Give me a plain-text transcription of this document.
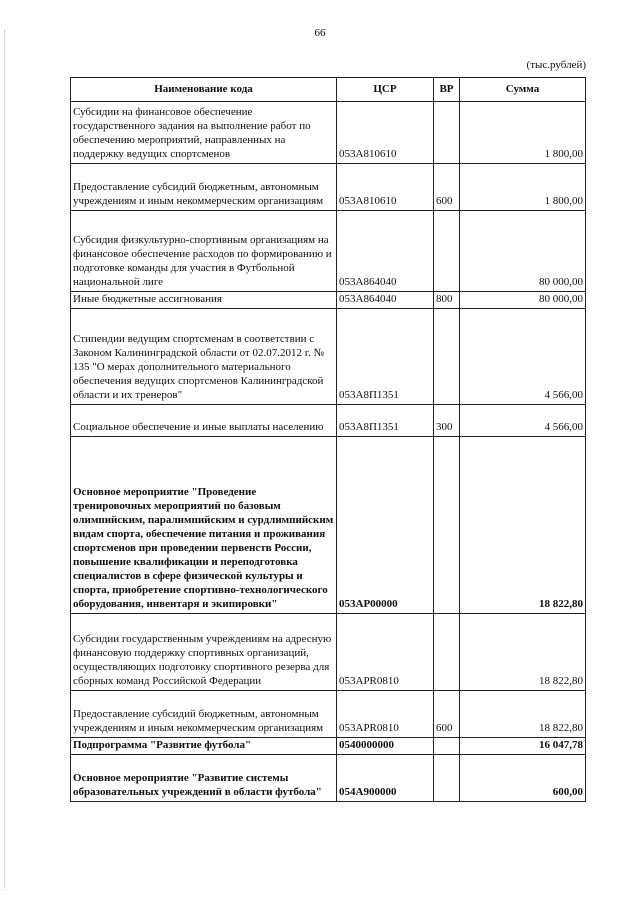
66
(тыс.рублей)
Наименование кода	ЦСР	ВР	Сумма
Субсидии на финансовое обеспечение государственного задания на выполнение работ по обеспечению мероприятий, направленных на поддержку ведущих спортсменов	053А810610		1 800,00
Предоставление субсидий бюджетным, автономным учреждениям и иным некоммерческим организациям	053А810610	600	1 800,00
Субсидия физкультурно-спортивным организациям на финансовое обеспечение расходов по формированию и подготовке команды для участия в Футбольной национальной лиге	053А864040		80 000,00
Иные бюджетные ассигнования	053А864040	800	80 000,00
Стипендии ведущим спортсменам в соответствии с Законом Калининградской области от 02.07.2012 г. № 135 "О мерах дополнительного материального обеспечения ведущих спортсменов Калининградской области и их тренеров"	053А8П1351		4 566,00
Социальное обеспечение и иные выплаты населению	053А8П1351	300	4 566,00
Основное мероприятие "Проведение тренировочных мероприятий по базовым олимпийским, паралимпийским и сурдлимпийским видам спорта, обеспечение питания и проживания спортсменов при проведении первенств России, повышение квалификации и переподготовка специалистов в сфере физической культуры и спорта, приобретение спортивно-технологического оборудования, инвентаря и экипировки"	053АР00000		18 822,80
Субсидии государственным учреждениям на адресную финансовую поддержку спортивных организаций, осуществляющих подготовку спортивного резерва для сборных команд Российской Федерации	053АРR0810		18 822,80
Предоставление субсидий бюджетным, автономным учреждениям и иным некоммерческим организациям	053АРR0810	600	18 822,80
Подпрограмма "Развитие футбола"	0540000000		16 047,78
Основное мероприятие "Развитие системы образовательных учреждений в области футбола"	054А900000		600,00
